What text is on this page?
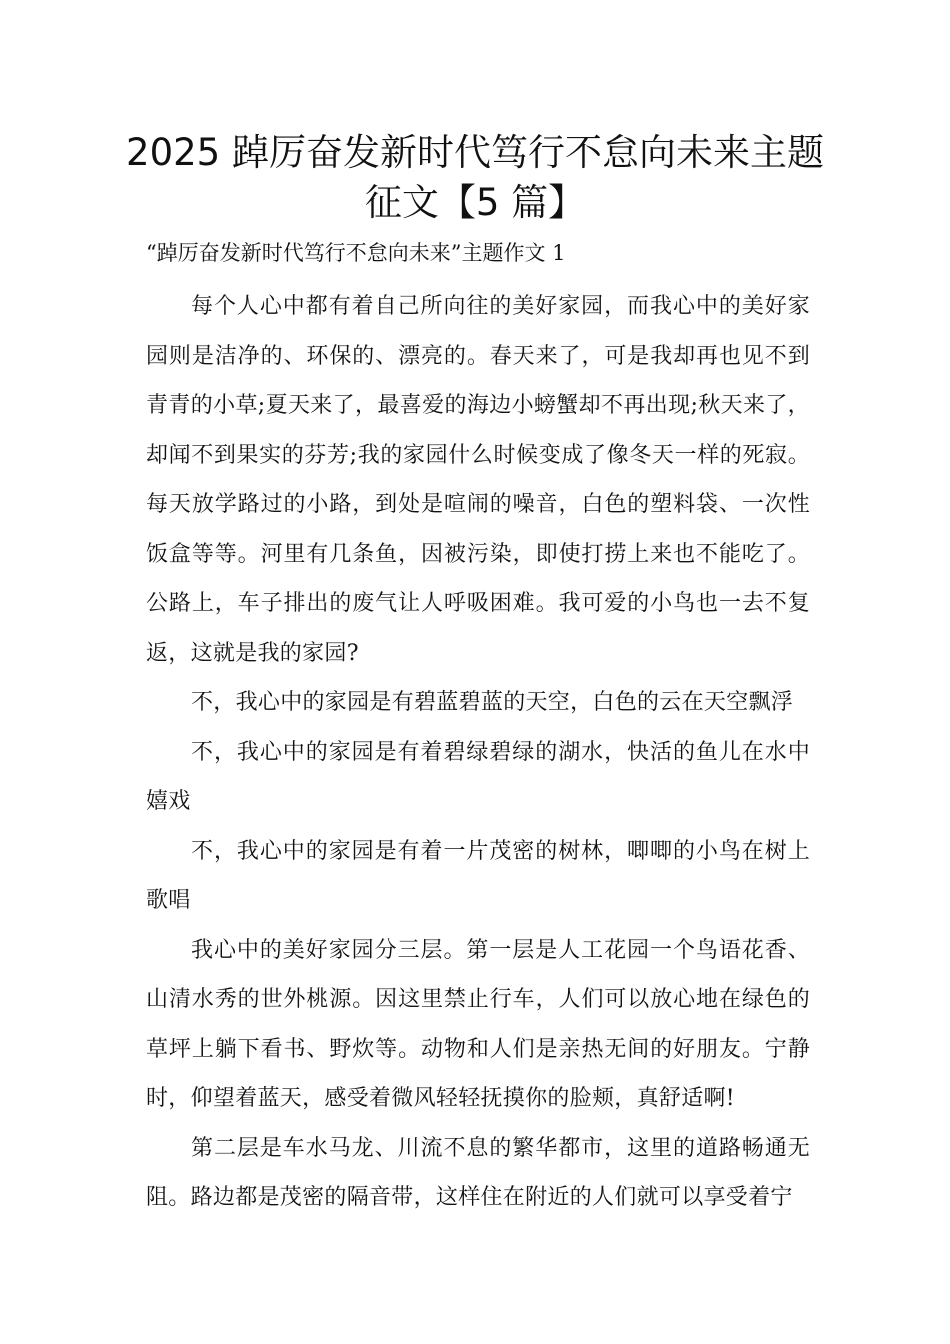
2025 踔厉奋发新时代笃行不怠向未来主题征文【5 篇】

“踔厉奋发新时代笃行不怠向未来”主题作文 1

每个人心中都有着自己所向往的美好家园，而我心中的美好家园则是洁净的、环保的、漂亮的。春天来了，可是我却再也见不到青青的小草;夏天来了，最喜爱的海边小螃蟹却不再出现;秋天来了，却闻不到果实的芬芳;我的家园什么时候变成了像冬天一样的死寂。每天放学路过的小路，到处是喧闹的噪音，白色的塑料袋、一次性饭盒等等。河里有几条鱼，因被污染，即使打捞上来也不能吃了。公路上，车子排出的废气让人呼吸困难。我可爱的小鸟也一去不复返，这就是我的家园?

不，我心中的家园是有碧蓝碧蓝的天空，白色的云在天空飘浮

不，我心中的家园是有着碧绿碧绿的湖水，快活的鱼儿在水中嬉戏

不，我心中的家园是有着一片茂密的树林，唧唧的小鸟在树上歌唱

我心中的美好家园分三层。第一层是人工花园一个鸟语花香、山清水秀的世外桃源。因这里禁止行车，人们可以放心地在绿色的草坪上躺下看书、野炊等。动物和人们是亲热无间的好朋友。宁静时，仰望着蓝天，感受着微风轻轻抚摸你的脸颊，真舒适啊!

第二层是车水马龙、川流不息的繁华都市，这里的道路畅通无阻。路边都是茂密的隔音带，这样住在附近的人们就可以享受着宁
